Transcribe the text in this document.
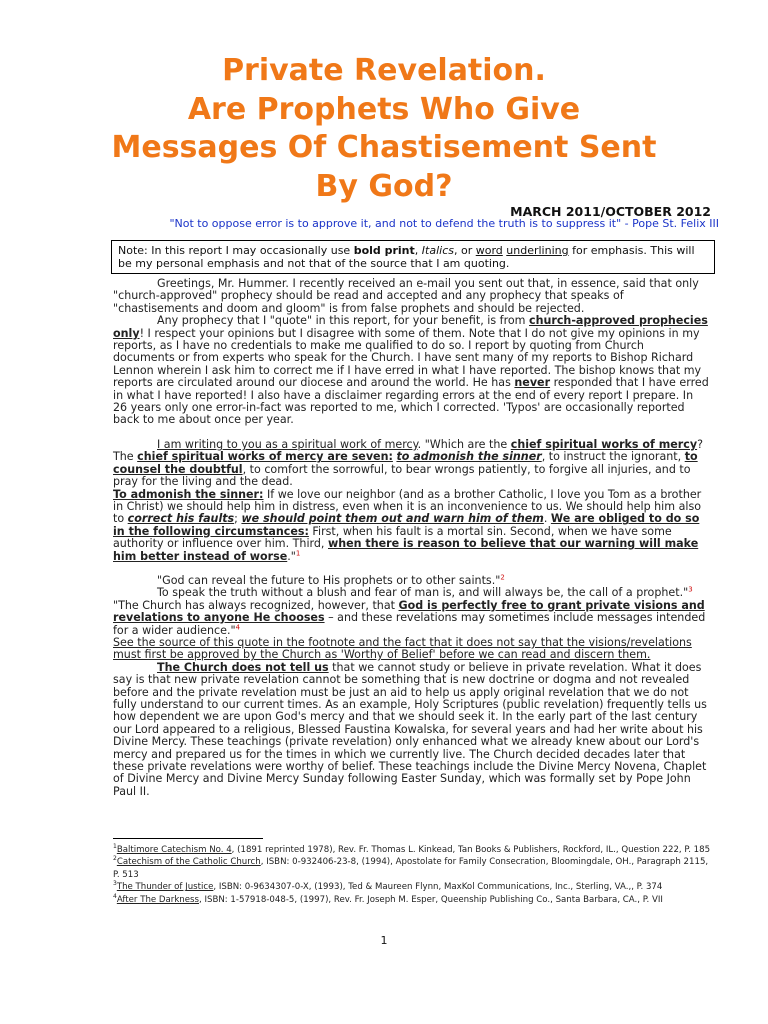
Private Revelation.
Are Prophets Who Give
Messages Of Chastisement Sent
By God?
MARCH 2011/OCTOBER 2012
"Not to oppose error is to approve it, and not to defend the truth is to suppress it" - Pope St. Felix III
Note: In this report I may occasionally use bold print, Italics, or word underlining for emphasis. This will be my personal emphasis and not that of the source that I am quoting.

Greetings, Mr. Hummer. I recently received an e-mail you sent out that, in essence, said that only "church-approved" prophecy should be read and accepted and any prophecy that speaks of "chastisements and doom and gloom" is from false prophets and should be rejected.

Any prophecy that I "quote" in this report, for your benefit, is from church-approved prophecies only! I respect your opinions but I disagree with some of them. Note that I do not give my opinions in my reports, as I have no credentials to make me qualified to do so. I report by quoting from Church documents or from experts who speak for the Church. I have sent many of my reports to Bishop Richard Lennon wherein I ask him to correct me if I have erred in what I have reported. The bishop knows that my reports are circulated around our diocese and around the world. He has never responded that I have erred in what I have reported! I also have a disclaimer regarding errors at the end of every report I prepare. In 26 years only one error-in-fact was reported to me, which I corrected. 'Typos' are occasionally reported back to me about once per year.

I am writing to you as a spiritual work of mercy. "Which are the chief spiritual works of mercy? The chief spiritual works of mercy are seven: to admonish the sinner, to instruct the ignorant, to counsel the doubtful, to comfort the sorrowful, to bear wrongs patiently, to forgive all injuries, and to pray for the living and the dead.

To admonish the sinner: If we love our neighbor (and as a brother Catholic, I love you Tom as a brother in Christ) we should help him in distress, even when it is an inconvenience to us. We should help him also to correct his faults; we should point them out and warn him of them. We are obliged to do so in the following circumstances: First, when his fault is a mortal sin. Second, when we have some authority or influence over him. Third, when there is reason to believe that our warning will make him better instead of worse."$^1$

"God can reveal the future to His prophets or to other saints."$^2$

To speak the truth without a blush and fear of man is, and will always be, the call of a prophet."$^3$

"The Church has always recognized, however, that God is perfectly free to grant private visions and revelations to anyone He chooses – and these revelations may sometimes include messages intended for a wider audience."$^4$

See the source of this quote in the footnote and the fact that it does not say that the visions/revelations must first be approved by the Church as 'Worthy of Belief' before we can read and discern them.

The Church does not tell us that we cannot study or believe in private revelation. What it does say is that new private revelation cannot be something that is new doctrine or dogma and not revealed before and the private revelation must be just an aid to help us apply original revelation that we do not fully understand to our current times. As an example, Holy Scriptures (public revelation) frequently tells us how dependent we are upon God's mercy and that we should seek it. In the early part of the last century our Lord appeared to a religious, Blessed Faustina Kowalska, for several years and had her write about his Divine Mercy. These teachings (private revelation) only enhanced what we already knew about our Lord's mercy and prepared us for the times in which we currently live. The Church decided decades later that these private revelations were worthy of belief. These teachings include the Divine Mercy Novena, Chaplet of Divine Mercy and Divine Mercy Sunday following Easter Sunday, which was formally set by Pope John Paul II.

$^1$Baltimore Catechism No. 4, (1891 reprinted 1978), Rev. Fr. Thomas L. Kinkead, Tan Books & Publishers, Rockford, IL., Question 222, P. 185

$^2$Catechism of the Catholic Church, ISBN: 0-932406-23-8, (1994), Apostolate for Family Consecration, Bloomingdale, OH., Paragraph 2115, P. 513

$^3$The Thunder of Justice, ISBN: 0-9634307-0-X, (1993), Ted & Maureen Flynn, MaxKol Communications, Inc., Sterling, VA.,, P. 374

$^4$After The Darkness, ISBN: 1-57918-048-5, (1997), Rev. Fr. Joseph M. Esper, Queenship Publishing Co., Santa Barbara, CA., P. VII

1
